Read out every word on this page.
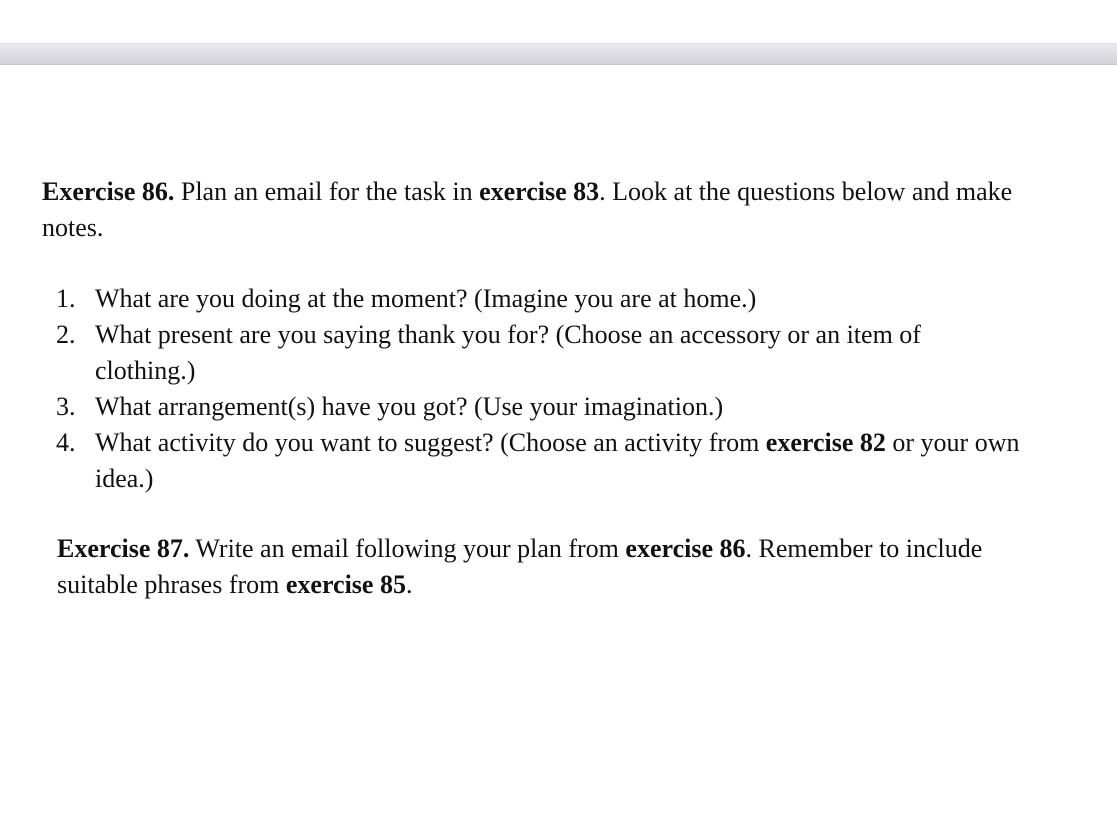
Exercise 86. Plan an email for the task in exercise 83. Look at the questions below and make
notes.
1. What are you doing at the moment? (Imagine you are at home.)
2. What present are you saying thank you for? (Choose an accessory or an item of
clothing.)
3. What arrangement(s) have you got? (Use your imagination.)
4. What activity do you want to suggest? (Choose an activity from exercise 82 or your own
idea.)
Exercise 87. Write an email following your plan from exercise 86. Remember to include
suitable phrases from exercise 85.
